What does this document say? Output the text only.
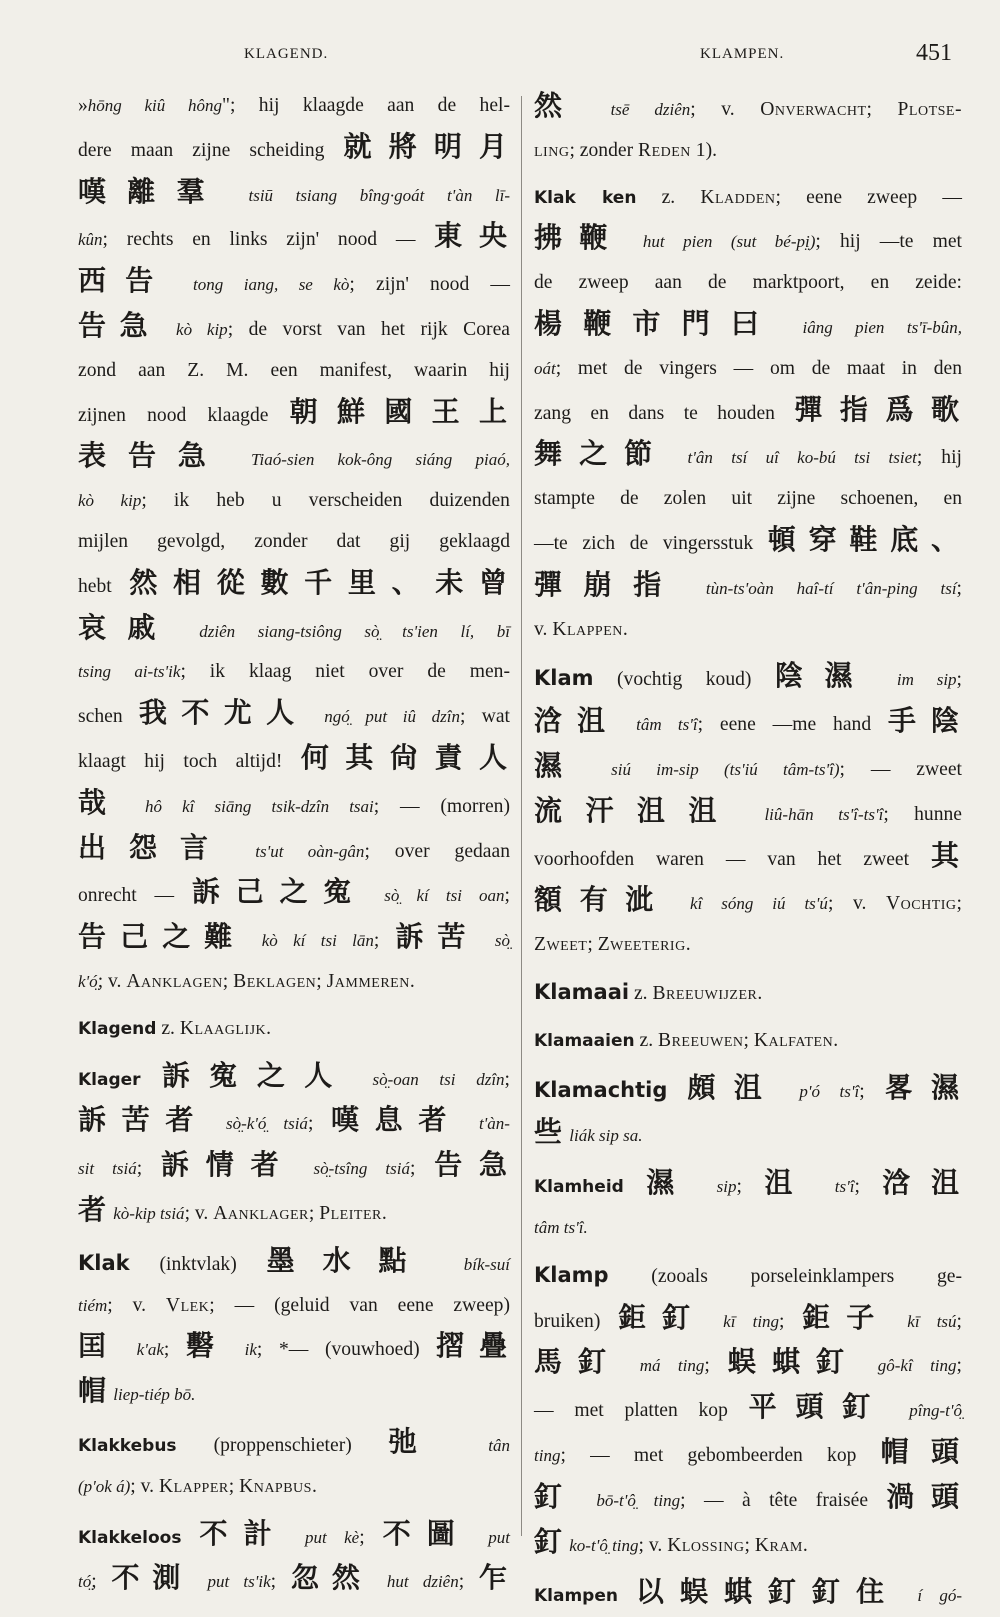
KLAGEND.	KLAMPEN.	451
»hōng kiû hông"; hij klaagde aan de hel-
dere maan zijne scheiding 就將明月
嘆離羣 tsiū tsiang bîng·goát t'àn lī-
kûn; rechts en links zijn' nood — 東央
西告 tong iang, se kò; zijn' nood —
告急 kò kip; de vorst van het rijk Corea
zond aan Z. M. een manifest, waarin hij
zijnen nood klaagde 朝鮮國王上
表告急 Tiaó-sien kok-ông siáng piaó,
kò kip; ik heb u verscheiden duizenden
mijlen gevolgd, zonder dat gij geklaagd
hebt 然相從數千里、未曾
哀戚 dziên siang-tsiông sò̤ ts'ien lí, bī
tsing ai-ts'ik; ik klaag niet over de men-
schen 我不尤人 ngó̤ put iû dzîn; wat
klaagt hij toch altijd! 何其尙責人
哉 hô kî siāng tsik-dzîn tsai; — (morren)
出怨言 ts'ut oàn-gân; over gedaan
onrecht — 訴己之寃 sò̤ kí tsi oan;
告己之難 kò kí tsi lān; 訴苦 sò̤
k'ó̤; v. Aanklagen; Beklagen; Jammeren.
Klagend z. Klaaglijk.
Klager 訴寃之人 sò̤-oan tsi dzîn;
訴苦者 sò̤-k'ó̤ tsiá; 嘆息者 t'àn-
sit tsiá; 訴情者 sò̤-tsîng tsiá; 告急
者 kò-kip tsiá; v. Aanklager; Pleiter.
Klak (inktvlak) 墨水點 bík-suí
tiém; v. Vlek; — (geluid van eene zweep)
囯 k'ak; 礊 ik; *— (vouwhoed) 摺疊
帽 liep-tiép bō.
Klakkebus (proppenschieter) 弛 tân
(p'ok á); v. Klapper; Knapbus.
Klakkeloos 不計 put kè; 不圖 put
tó̤; 不測 put ts'ik; 忽然 hut dziên; 乍
然 tsē dziên; v. Onverwacht; Plotse-
ling; zonder Reden 1).
Klak ken z. Kladden; eene zweep —
拂鞭 hut pien (sut bé-pi̤); hij —te met
de zweep aan de marktpoort, en zeide:
楊鞭市門曰 iâng pien ts'ī-bûn,
oát; met de vingers — om de maat in den
zang en dans te houden 彈指爲歌
舞之節 t'ân tsí uî ko-bú tsi tsiet; hij
stampte de zolen uit zijne schoenen, en
—te zich de vingersstuk 頓穿鞋底、
彈崩指 tùn-ts'oàn haî-tí t'ân-ping tsí;
v. Klappen.
Klam (vochtig koud) 陰濕 im sip;
浛沮 tâm ts'î; eene —me hand 手陰
濕 siú im-sip (ts'iú tâm-ts'î); — zweet
流汗沮沮 liû-hān ts'î-ts'î; hunne
voorhoofden waren — van het zweet 其
額有泚 kî sóng iú ts'ú; v. Vochtig;
Zweet; Zweeterig.
Klamaai z. Breeuwijzer.
Klamaaien z. Breeuwen; Kalfaten.
Klamachtig 頗沮 p'ó ts'î; 畧濕
些 liák sip sa.
Klamheid 濕 sip; 沮 ts'î; 浛沮
tâm ts'î.
Klamp (zooals porseleinklampers ge-
bruiken) 鉅釘 kī ting; 鉅子 kī tsú;
馬釘 má ting; 蜈蜞釘 gô-kî ting;
— met platten kop 平頭釘 pîng-t'ô̤
ting; — met gebombeerden kop 帽頭
釘 bō-t'ô̤ ting; — à tête fraisée 渦頭
釘 ko-t'ô̤ ting; v. Klossing; Kram.
Klampen 以蜈蜞釘釘住 í gó-
